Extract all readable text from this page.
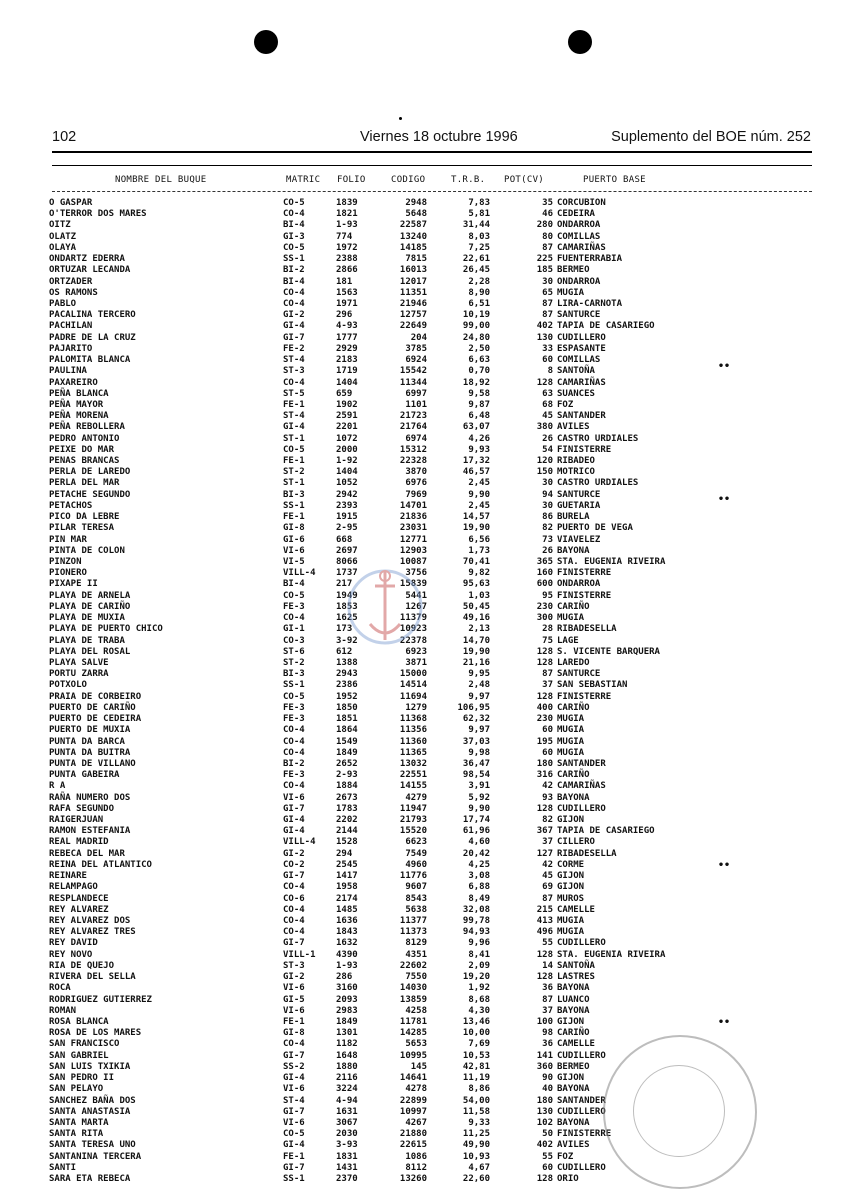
102	Viernes 18 octubre 1996	Suplemento del BOE núm. 252
NOMBRE DEL BUQUE	MATRIC FOLIO	CODIGO	T.R.B. POT(CV)	PUERTO BASE
O GASPAR	CO-5	1839	2948	7,83	35 CORCUBION
O'TERROR DOS MARES	CO-4	1821	5648	5,81	46 CEDEIRA
OITZ	BI-4	1-93	22587	31,44	280 ONDARROA
OLATZ	GI-3	774	13240	8,03	80 COMILLAS
OLAYA	CO-5	1972	14185	7,25	87 CAMARIÑAS
ONDARTZ EDERRA	SS-1	2388	7815	22,61	225 FUENTERRABIA
ORTUZAR LECANDA	BI-2	2866	16013	26,45	185 BERMEO
ORTZADER	BI-4	181	12017	2,28	30 ONDARROA
OS RAMONS	CO-4	1563	11351	8,90	65 MUGIA
PABLO	CO-4	1971	21946	6,51	87 LIRA-CARNOTA
PACALINA TERCERO	GI-2	296	12757	10,19	87 SANTURCE
PACHILAN	GI-4	4-93	22649	99,00	402 TAPIA DE CASARIEGO
PADRE DE LA CRUZ	GI-7	1777	204	24,80	130 CUDILLERO
PAJARITO	FE-2	2929	3785	2,50	33 ESPASANTE
PALOMITA BLANCA	ST-4	2183	6924	6,63	60 COMILLAS
PAULINA	ST-3	1719	15542	0,70	8 SANTOÑA
PAXAREIRO	CO-4	1404	11344	18,92	128 CAMARIÑAS
PEÑA BLANCA	ST-5	659	6997	9,58	63 SUANCES
PEÑA MAYOR	FE-1	1902	1101	9,87	68 FOZ
PEÑA MORENA	ST-4	2591	21723	6,48	45 SANTANDER
PEÑA REBOLLERA	GI-4	2201	21764	63,07	380 AVILES
PEDRO ANTONIO	ST-1	1072	6974	4,26	26 CASTRO URDIALES
PEIXE DO MAR	CO-5	2000	15312	9,93	54 FINISTERRE
PENAS BRANCAS	FE-1	1-92	22328	17,32	120 RIBADEO
PERLA DE LAREDO	ST-2	1404	3870	46,57	150 MOTRICO
PERLA DEL MAR	ST-1	1052	6976	2,45	30 CASTRO URDIALES
PETACHE SEGUNDO	BI-3	2942	7969	9,90	94 SANTURCE
PETACHOS	SS-1	2393	14701	2,45	30 GUETARIA
PICO DA LEBRE	FE-1	1915	21836	14,57	86 BURELA
PILAR TERESA	GI-8	2-95	23031	19,90	82 PUERTO DE VEGA
PIN MAR	GI-6	668	12771	6,56	73 VIAVELEZ
PINTA DE COLON	VI-6	2697	12903	1,73	26 BAYONA
PINZON	VI-5	8066	10087	70,41	365 STA. EUGENIA RIVEIRA
PIONERO	VILL-4 1737	3756	9,82	160 FINISTERRE
PIXAPE II	BI-4	217	15839	95,63	600 ONDARROA
PLAYA DE ARNELA	CO-5	1949	5441	1,03	95 FINISTERRE
PLAYA DE CARIÑO	FE-3	1853	1267	50,45	230 CARIÑO
PLAYA DE MUXIA	CO-4	1625	11379	49,16	300 MUGIA
PLAYA DE PUERTO CHICO	GI-1	173	10923	2,13	28 RIBADESELLA
PLAYA DE TRABA	CO-3	3-92	22378	14,70	75 LAGE
PLAYA DEL ROSAL	ST-6	612	6923	19,90	128 S. VICENTE BARQUERA
PLAYA SALVE	ST-2	1388	3871	21,16	128 LAREDO
PORTU ZARRA	BI-3	2943	15000	9,95	87 SANTURCE
POTXOLO	SS-1	2386	14514	2,48	37 SAN SEBASTIAN
PRAIA DE CORBEIRO	CO-5	1952	11694	9,97	128 FINISTERRE
PUERTO DE CARIÑO	FE-3	1850	1279	106,95	400 CARIÑO
PUERTO DE CEDEIRA	FE-3	1851	11368	62,32	230 MUGIA
PUERTO DE MUXIA	CO-4	1864	11356	9,97	60 MUGIA
PUNTA DA BARCA	CO-4	1549	11360	37,03	195 MUGIA
PUNTA DA BUITRA	CO-4	1849	11365	9,98	60 MUGIA
PUNTA DE VILLANO	BI-2	2652	13032	36,47	180 SANTANDER
PUNTA GABEIRA	FE-3	2-93	22551	98,54	316 CARIÑO
R A	CO-4	1884	14155	3,91	42 CAMARIÑAS
RAÑA NUMERO DOS	VI-6	2673	4279	5,92	93 BAYONA
RAFA SEGUNDO	GI-7	1783	11947	9,90	128 CUDILLERO
RAIGERJUAN	GI-4	2202	21793	17,74	82 GIJON
RAMON ESTEFANIA	GI-4	2144	15520	61,96	367 TAPIA DE CASARIEGO
REAL MADRID	VILL-4 1528	6623	4,60	37 CILLERO
REBECA DEL MAR	GI-2	294	7549	20,42	127 RIBADESELLA
REINA DEL ATLANTICO	CO-2	2545	4960	4,25	42 CORME
REINARE	GI-7	1417	11776	3,08	45 GIJON
RELAMPAGO	CO-4	1958	9607	6,88	69 GIJON
RESPLANDECE	CO-6	2174	8543	8,49	87 MUROS
REY ALVAREZ	CO-4	1485	5638	32,08	215 CAMELLE
REY ALVAREZ DOS	CO-4	1636	11377	99,78	413 MUGIA
REY ALVAREZ TRES	CO-4	1843	11373	94,93	496 MUGIA
REY DAVID	GI-7	1632	8129	9,96	55 CUDILLERO
REY NOVO	VILL-1 4390	4351	8,41	128 STA. EUGENIA RIVEIRA
RIA DE QUEJO	ST-3	1-93	22602	2,09	14 SANTOÑA
RIVERA DEL SELLA	GI-2	286	7550	19,20	128 LASTRES
ROCA	VI-6	3160	14030	1,92	36 BAYONA
RODRIGUEZ GUTIERREZ	GI-5	2093	13859	8,68	87 LUANCO
ROMAN	VI-6	2983	4258	4,30	37 BAYONA
ROSA BLANCA	FE-1	1849	11781	13,46	100 GIJON
ROSA DE LOS MARES	GI-8	1301	14285	10,00	98 CARIÑO
SAN FRANCISCO	CO-4	1182	5653	7,69	36 CAMELLE
SAN GABRIEL	GI-7	1648	10995	10,53	141 CUDILLERO
SAN LUIS TXIKIA	SS-2	1880	145	42,81	360 BERMEO
SAN PEDRO II	GI-4	2116	14641	11,19	90 GIJON
SAN PELAYO	VI-6	3224	4278	8,86	40 BAYONA
SANCHEZ BAÑA DOS	ST-4	4-94	22899	54,00	180 SANTANDER
SANTA ANASTASIA	GI-7	1631	10997	11,58	130 CUDILLERO
SANTA MARTA	VI-6	3067	4267	9,33	102 BAYONA
SANTA RITA	CO-5	2030	21880	11,25	50 FINISTERRE
SANTA TERESA UNO	GI-4	3-93	22615	49,90	402 AVILES
SANTANINA TERCERA	FE-1	1831	1086	10,93	55 FOZ
SANTI	GI-7	1431	8112	4,67	60 CUDILLERO
SARA ETA REBECA	SS-1	2370	13260	22,60	128 ORIO
••
••
••
••
